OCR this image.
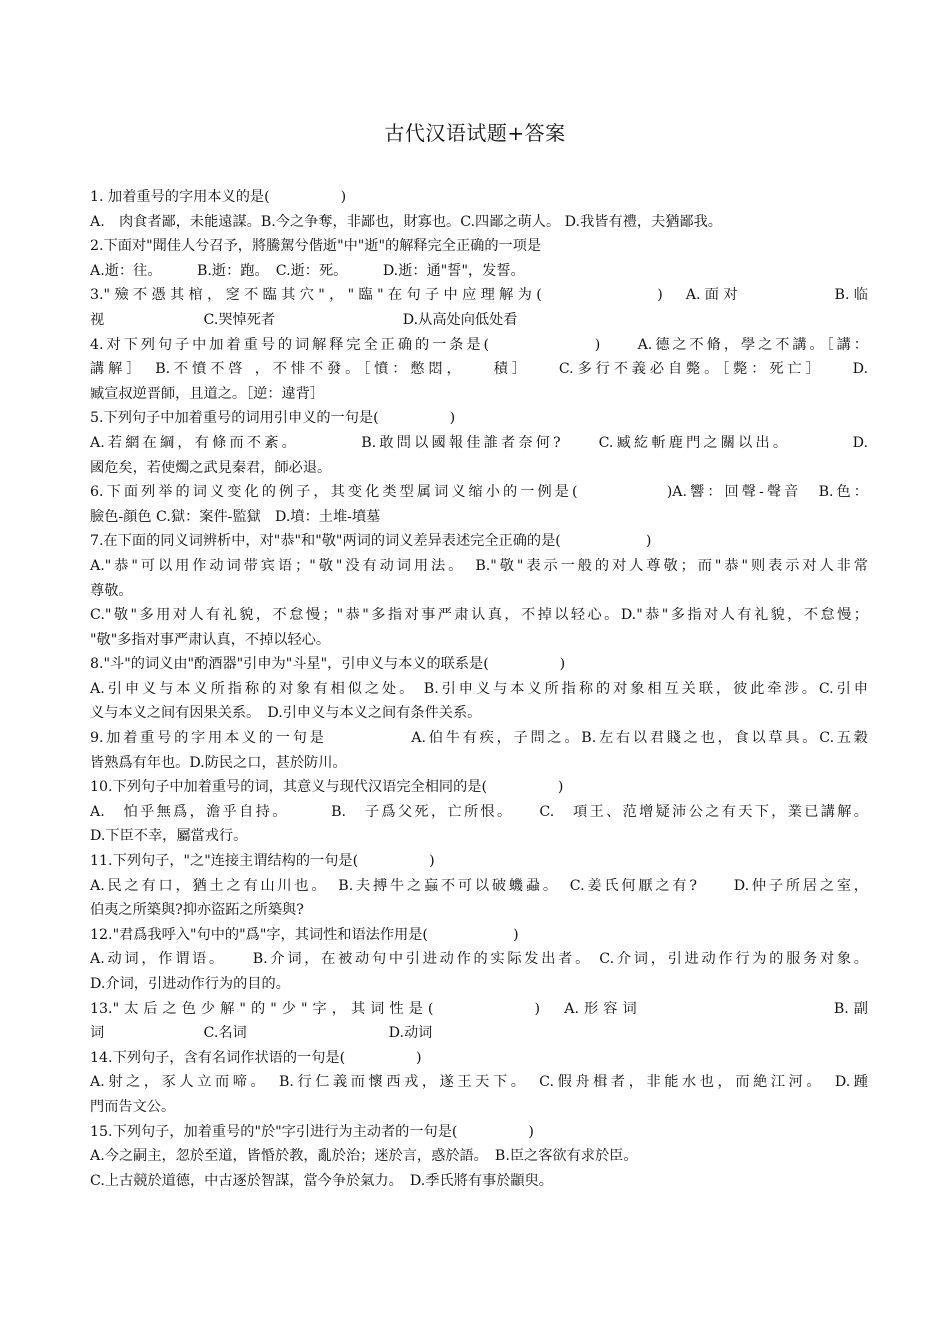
古代汉语试题+答案
1. 加着重号的字用本义的是(　　　　　)
A.　肉食者鄙，未能遠謀。B.今之争奪，非鄙也，財寡也。C.四鄙之萌人。 D.我皆有禮，夫猶鄙我。
2.下面对"聞佳人兮召予，將騰駕兮偕逝"中"逝"的解释完全正确的一项是
A.逝：往。　　　B.逝：跑。　C.逝：死。　　　D.逝：通"誓"，发誓。
3."殮不憑其棺，窆不臨其穴"，"臨"在句子中应理解为(　　　　　　)　A.面对　　　　　B.临
视　　　　　　　C.哭悼死者　　　　　　　　　D.从高处向低处看
4.对下列句子中加着重号的词解释完全正确的一条是(　　　　　　)　　A.德之不脩，學之不講。［講：
講解］　B.不憤不啓 ，不悱不發。［憤：憋悶，　　積］　　C.多行不義必自斃。［斃：死亡］　　D.
臧宣叔逆晋師，且道之。［逆：違背］
5.下列句子中加着重号的词用引申义的一句是(　　　　　)
A.若網在綱，有條而不紊。　　　　B.敢問以國報佳誰者奈何?　　C.臧紇斬鹿門之關以出。　　　　D.
國危矣，若使燭之武見秦君，師必退。
6.下面列举的词义变化的例子，其变化类型属词义缩小的一例是(　　　　　)A.響：回聲-聲音　B.色：
臉色-顔色 C.獄：案件-監獄　D.墳：土堆-墳墓
7.在下面的同义词辨析中，对"恭"和"敬"两词的词义差异表述完全正确的是(　　　　　　)
A."恭"可以用作动词带宾语；"敬"没有动词用法。　B."敬"表示一般的对人尊敬；而"恭"则表示对人非常
尊敬。
C."敬"多用对人有礼貌，不怠慢；"恭"多指对事严肃认真，不掉以轻心。D."恭"多指对人有礼貌，不怠慢；
"敬"多指对事严肃认真，不掉以轻心。
8."斗"的词义由"酌酒器"引申为"斗星"，引申义与本义的联系是(　　　　　)
A.引申义与本义所指称的对象有相似之处。 B.引申义与本义所指称的对象相互关联，彼此牵涉。C.引申
义与本义之间有因果关系。　D.引申义与本义之间有条件关系。
9.加着重号的字用本义的一句是　　　　　A.伯牛有疾，子問之。B.左右以君賤之也，食以草具。C.五穀
皆熟爲有年也。D.防民之口，甚於防川。
10.下列句子中加着重号的词，其意义与现代汉语完全相同的是(　　　　　)
A.　怕乎無爲，澹乎自持。　　　B.　子爲父死，亡所恨。　　C.　項王、范增疑沛公之有天下，業已講解。
D.下臣不幸，屬當戎行。
11.下列句子，"之"连接主谓结构的一句是(　　　　　)
A.民之有口，猶土之有山川也。　B.夫搏牛之蝱不可以破蟣蝨。　C.姜氏何厭之有?　　D.仲子所居之室，
伯夷之所築與?抑亦盜跖之所築與?
12."君爲我呼入"句中的"爲"字，其词性和语法作用是(　　　　　　)
A.动词，作谓语。　　B.介词，在被动句中引进动作的实际发出者。 C.介词，引进动作行为的服务对象。
D.介词，引进动作行为的目的。
13."太后之色少解"的"少"字，其词性是(　　　　　)　A.形容词　　　　　　　　　　B.副
词　　　　　　　C.名词　　　　　　　　　　D.动词
14.下列句子，含有名词作状语的一句是(　　　　　)
A.射之，豕人立而啼。　B.行仁義而懷西戎，遂王天下。　C.假舟楫者，非能水也，而絶江河。　D.踵
門而告文公。
15.下列句子，加着重号的"於"字引进行为主动者的一句是(　　　　　)
A.今之嗣主，忽於至道，皆惛於教，亂於治；迷於言，惑於語。　B.臣之客欲有求於臣。
C.上古競於道德，中古逐於智謀，當今争於氣力。　D.季氏將有事於顓臾。
